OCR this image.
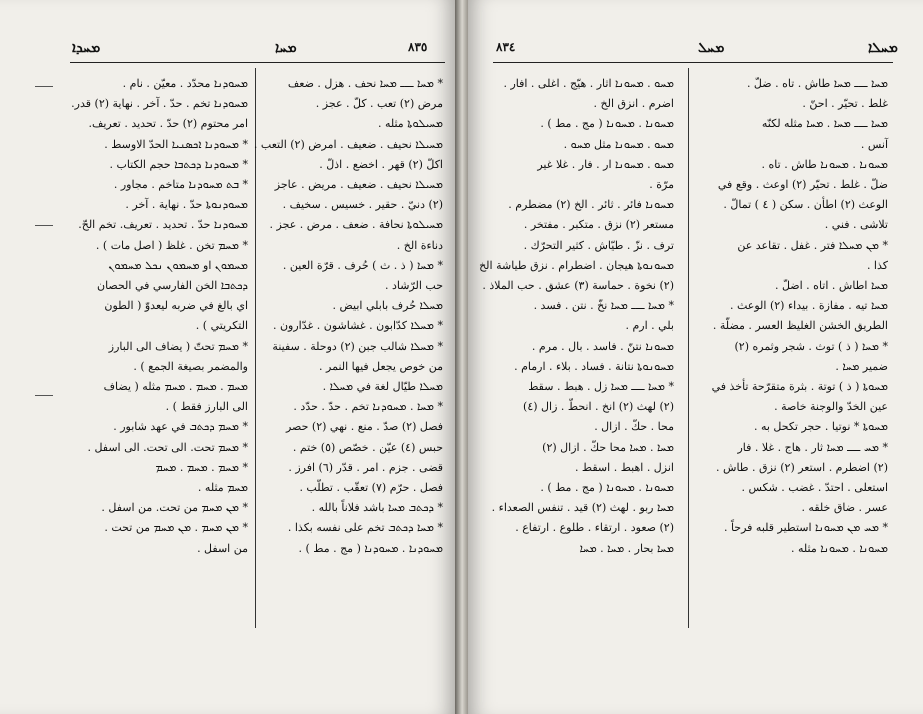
ܡܚܕܐ	ܡܚܐ	٨٣٥
ܡܚܘܕܢܐ محدّد . معيّن . نام .
ܡܚܘܕܢܐ تخم . حدّ . آخر . نهاية (٢) قدر.
امر محتوم (٢) حدّ . تحديد . تعريف.
* ܡܚܘܕܢܐ ܐܟܣܢܝܐ الحدّ الاوسط .
* ܡܚܘܕܢܐ ܕܟܬܒܐ حجم الكتاب .
* ܒܬ ܡܚܘܕܢܐ متاخم . مجاور .
ܡܚܘܕܢܘܬܐ حدّ . نهاية . آخر .
ܡܚܘܕܢܐ حدّ . تحديد . تعريف. تخم الحّ.
* ܡܚܡ تخن . غلظ ( اصل مات ) .
ܡܚܡܘܢ او ܡܚܡܘܢ ܢܟܠ ܡܚܡܘܢ
ܕܟܬܒܐ الخن الفارسي في الحصان
اي بالغ في ضربه ليعدوّ ( الطون
التكريتي ) .
* ܡܚܡ تحتّ ( يضاف الى البارز
والمضمر بصيغة الجمع ) .
ܡܚܡ . ܡܚܡ . ܡܚܡ مثله ( يضاف
الى البارز فقط ) .
* ܡܚܡ ܕܟܬܒ في عهد شابور .
* ܡܚܡ تحت. الى تحت. الى اسفل .
* ܡܚܡ . ܡܚܡ . ܡܚܡ
ܡܚܡ مثله .
* ܡܢ ܡܚܡ من تحت. من اسفل .
* ܡܢ ܡܚܡ . ܡܢ ܡܚܡ من تحت .
من اسفل .
* ܡܚܐ ـــ ܡܚܐ نحف . هزل . ضعف
مرض (٢) تعب . كلّ . عجز .
ܡܚܝܠܘܬܐ مثله .
ܡܚܝܠܐ نحيف . ضعيف . امرض (٢) التعب .
اكلّ (٢) قهر . اخضع . اذلّ .
ܡܚܝܠܐ نحيف . ضعيف . مريض . عاجز
(٢) دنيّ . حقير . خسيس . سخيف .
ܡܚܝܠܘܬܐ نحافة . ضعف . مرض . عجز .
دناءة الخ .
* ܡܚܐ ( ذ . ث ) حُرف . قرّة العين .
حب الرّشاد .
ܡܚܠܐ حُرف بابلي ابيض .
* ܡܚܠܐ كدّابون . غشاشون . غدّارون .
* ܡܚܠܐ شالب جبن (٢) دوحلة . سفينة
من خوص يجعل فيها النمر .
ܡܚܠܐ طيّال لغة في ܡܚܠܐ .
* ܡܚܐ . ܡܚܘܕܢܐ تخم . حدّ . حدّد .
فصل (٢) صدّ . منع . نهي (٢) حصر
حبس (٤) عيّن . خصّص (٥) ختم .
قضى . جزم . امر . قدّر (٦) افرز .
فصل . حرّم (٧) تعقّب . تطلّب .
* ܕܟܬܒ ܡܚܐ باشد فلاناً بالله .
* ܡܚܐ ܕܟܬܒ تخم على نفسه بكذا .
ܡܚܘܕܢܐ . ܡܚܘܕܢܐ ( مج . مط ) .
٨٣٤	ܡܚܠ	ܡܚܠܐ
ܡܚܘ . ܡܚܘܢܐ اثار . هيّج . اغلى . افار .
اضرم . انزق الخ .
ܡܚܘܢܐ . ܡܚܘܢܐ ( مج . مط ) .
ܡܚܘ . ܡܚܘܢܐ مثل ܡܚܘ .
ܡܚܘ . ܡܚܘܢܐ ار . فار . غلا غير
مرّة .
ܡܚܘܢܐ فائر . ثائر . الخ (٢) مضطرم .
مستعر (٢) نزق . متكبر . مفتخر .
ترف . نزّ . طيّاش . كثير التحرّك .
ܡܚܘܢܘܬܐ هيجان . اضطرام . نزق طياشة الخ
(٢) نخوة . حماسة (٣) عشق . حب الملاذ .
* ܡܚܐ ـــ ܡܚܐ نخّ . نتن . فسد .
بلي . ارم .
ܡܚܘܢܐ نتنّ . فاسد . بال . مرم .
ܡܚܘܢܘܬܐ نتانة . فساد . بلاء . ارمام .
* ܡܚܐ ـــ ܡܚܐ زل . هبط . سقط
(٢) لهث (٢) انخ . انحطّ . زال (٤)
محا . حكّ . ازال .
ܡܚܐ . ܡܚܐ محا حكّ . ازال (٢)
انزل . اهبط . اسقط .
ܡܚܘܢܐ . ܡܚܘܢܐ ( مج . مط ) .
ܡܚܐ ربو . لهث (٢) قيد . تنفس الصعداء .
(٢) صعود . ارتقاء . طلوع . ارتفاع .
ܡܚܐ بحار . ܡܚܐ . ܡܚܐ
ܡܚܐ ـــ ܡܚܐ طاش . تاه . ضلّ .
غلط . تحيّر . احنّ .
ܡܚܐ ـــ ܡܚܐ . ܡܚܐ مثله لكنّه
آنس .
ܡܚܘܢܐ . ܡܚܘܢܐ طاش . تاه .
ضلّ . غلط . تحيّر (٢) اوعث . وقع في
الوعث (٢) اطأن . سكن ( ٤ ) تمالّ .
تلاشى . فني .
* ܡܢ ܡܚܠܐ فتر . غفل . تقاعد عن
كذا .
ܡܚܐ اطاش . اتاه . اضلّ .
ܡܚܐ تيه . مفازة . بيداء (٢) الوعث .
الطريق الخشن الغليظ العسر . مضلّة .
* ܡܚܐ ( ذ ) توث . شجر وثمره (٢)
ضمير ܡܚܐ .
ܡܚܘܬܐ ( ذ ) توتة . بثرة متقرّحة تأخذ في
عين الخدّ والوجنة خاصة .
ܡܚܘܬܐ * نوتيا . حجر تكحل به .
* ܡܚ ـــ ܡܚܐ ثار . هاج . غلا . فار
(٢) اضطرم . استعر (٢) نزق . طاش .
استعلى . احتدّ . غضب . شكس .
عسر . ضاق خلقه .
* ܡܚ ܡܢ ܡܚܘܢܐ استطير قلبه فرحاً .
ܡܚܘܢܐ . ܡܚܘܢܐ مثله .
